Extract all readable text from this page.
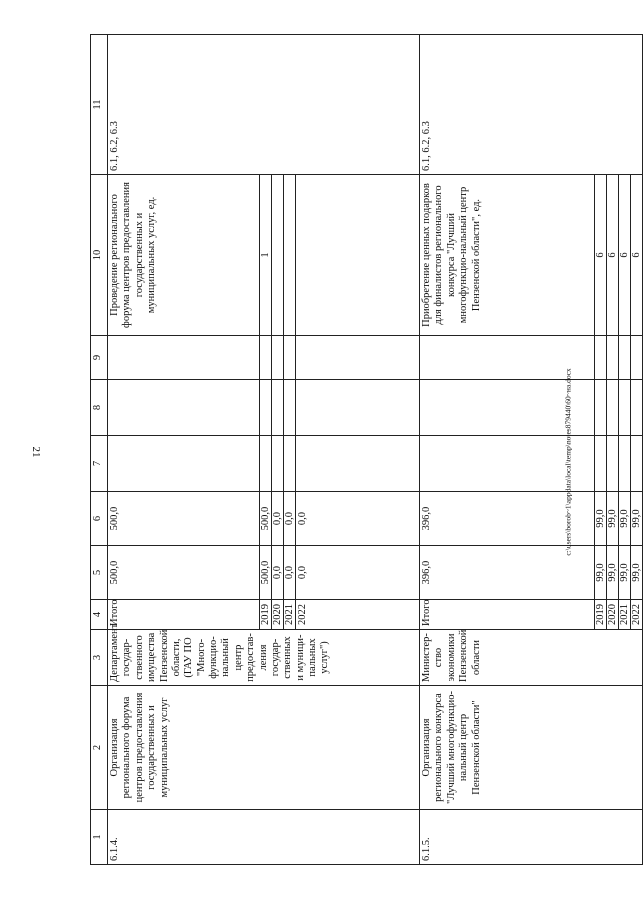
21
1	2	3	4	5	6	7	8	9	10	11
6.1.4.	Организация регионального форума центров предоставления государственных и муниципальных услуг	Департамент государ-ственного имущества Пензенской области, (ГАУ ПО "Много-функцио-нальный центр предостав-ления государ-ственных и муници-пальных услуг")	Итого	500,0	500,0				Проведение регионального форума центров предоставления государственных и муниципальных услуг, ед.	6.1, 6.2, 6.3
			2019	500,0	500,0				1	
			2020	0,0	0,0					
			2021	0,0	0,0					
			2022	0,0	0,0					
6.1.5.	Организация регионального конкурса "Лучший многофункцио-нальный центр Пензенской области"	Министер-ство экономики Пензенской области	Итого	396,0	396,0				Приобретение ценных подарков для финалистов регионального конкурса "Лучший многофункцио-нальный центр Пензенской области", ед.	6.1, 6.2, 6.3
			2019	99,0	99,0				6	
			2020	99,0	99,0				6	
			2021	99,0	99,0				6	
			2022	99,0	99,0				6	
c:\users\borob~1\appdata\local\temp\notes879440\60~на.docx
